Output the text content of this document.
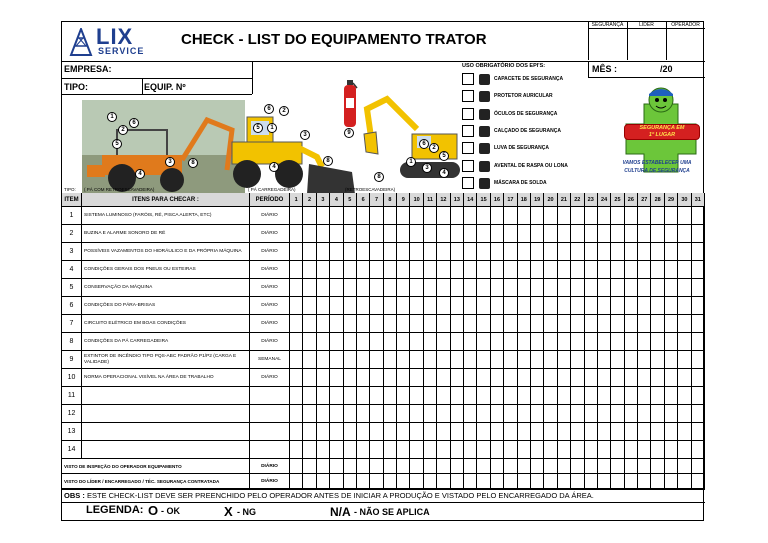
LIX
SERVICE
CHECK - LIST DO EQUIPAMENTO TRATOR
SEGURANÇA	LÍDER	OPERADOR
EMPRESA:
TIPO:	EQUIP. Nº
MÊS :	/20
1
6
2
5
3	8
4
6	2
5	1
3
4
8
9
6
2
5
1
3
4
8
TIPO: ( PÁ COM RETROESCAVADEIRA)	( PÁ CARREGADEIRA)	(RETROESCAVADEIRA)
USO OBRIGATÓRIO DOS EPI'S:
CAPACETE DE SEGURANÇA
PROTETOR AURICULAR
ÓCULOS DE SEGURANÇA
CALÇADO DE SEGURANÇA
LUVA DE SEGURANÇA
AVENTAL DE RASPA OU LONA
MÁSCARA DE SOLDA
SEGURANÇA EM
1º LUGAR
VAMOS ESTABELECER UMA
CULTURA DE SEGURANÇA
ITEM	ITENS PARA CHECAR :	PERÍODO	1	2	3	4	5	6	7	8	9	10	11	12	13	14	15	16	17	18	19	20	21	22	23	24	25	26	27	28	29	30	31
1	SISTEMA LUMINOSO (FARÓIS, RÉ, PISCA ALERTA, ETC)	DIÁRIO
2	BUZINA E ALARME SONORO DE RÉ	DIÁRIO
3	POSSÍVEIS VAZAMENTOS DO HIDRÁULICO E DA PRÓPRIA MÁQUINA	DIÁRIO
4	CONDIÇÕES GERAIS DOS PNEUS OU ESTEIRAS	DIÁRIO
5	CONSERVAÇÃO DA MÁQUINA	DIÁRIO
6	CONDIÇÕES DO PÁRA-BRISAS	DIÁRIO
7	CIRCUITO ELÉTRICO EM BOAS CONDIÇÕES	DIÁRIO
8	CONDIÇÕES DA PÁ CARREGADEIRA	DIÁRIO
9	EXTINTOR DE INCÊNDIO TIPO PQS-ABC PADRÃO P1/P2 (CARGA E VALIDADE)	SEMANAL
10	NORMA OPERACIONAL VISÍVEL NA ÁREA DE TRABALHO	DIÁRIO
11
12
13
14
VISTO DE INSPEÇÃO DO OPERADOR EQUIPAMENTO	DIÁRIO
VISTO DO LÍDER / ENCARREGADO / TÉC. SEGURANÇA CONTRATADA	DIÁRIO
OBS : ESTE CHECK-LIST DEVE SER PREENCHIDO PELO OPERADOR ANTES DE INICIAR A PRODUÇÃO E VISTADO PELO ENCARREGADO DA ÁREA.
LEGENDA: O - OK	X - NG	N/A - NÃO SE APLICA
